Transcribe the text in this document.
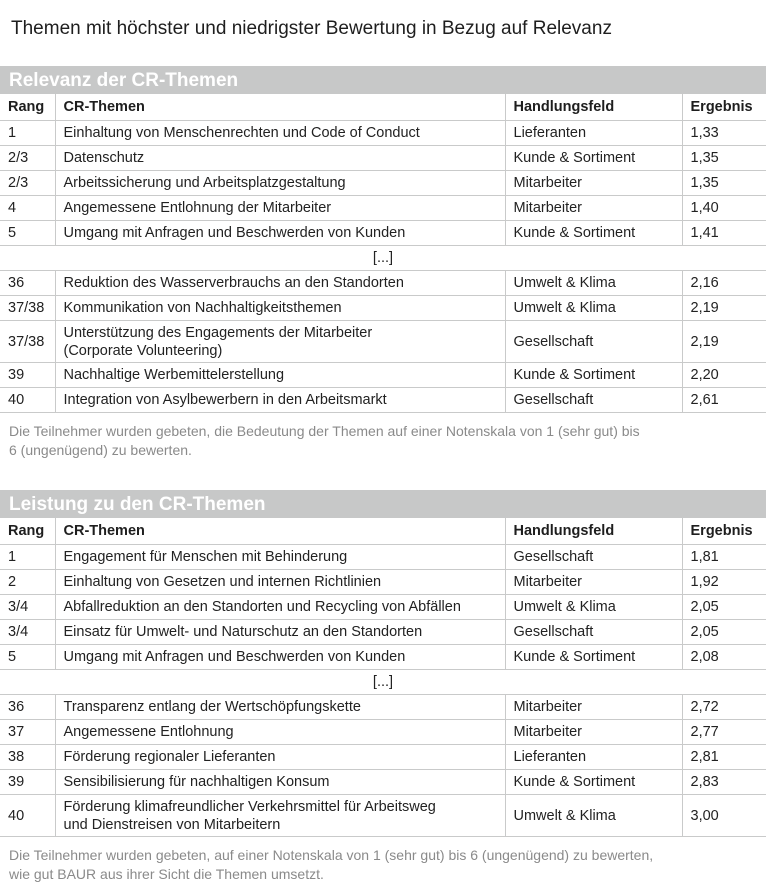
Themen mit höchster und niedrigster Bewertung in Bezug auf Relevanz
Relevanz der CR-Themen
Rang	CR-Themen	Handlungsfeld	Ergebnis
1	Einhaltung von Menschenrechten und Code of Conduct	Lieferanten	1,33
2/3	Datenschutz	Kunde & Sortiment	1,35
2/3	Arbeitssicherung und Arbeitsplatzgestaltung	Mitarbeiter	1,35
4	Angemessene Entlohnung der Mitarbeiter	Mitarbeiter	1,40
5	Umgang mit Anfragen und Beschwerden von Kunden	Kunde & Sortiment	1,41
[...]			
36	Reduktion des Wasserverbrauchs an den Standorten	Umwelt & Klima	2,16
37/38	Kommunikation von Nachhaltigkeitsthemen	Umwelt & Klima	2,19
37/38	Unterstützung des Engagements der Mitarbeiter
(Corporate Volunteering)	Gesellschaft	2,19
39	Nachhaltige Werbemittelerstellung	Kunde & Sortiment	2,20
40	Integration von Asylbewerbern in den Arbeitsmarkt	Gesellschaft	2,61

Die Teilnehmer wurden gebeten, die Bedeutung der Themen auf einer Notenskala von 1 (sehr gut) bis
6 (ungenügend) zu bewerten.

Leistung zu den CR-Themen
Rang	CR-Themen	Handlungsfeld	Ergebnis
1	Engagement für Menschen mit Behinderung	Gesellschaft	1,81
2	Einhaltung von Gesetzen und internen Richtlinien	Mitarbeiter	1,92
3/4	Abfallreduktion an den Standorten und Recycling von Abfällen	Umwelt & Klima	2,05
3/4	Einsatz für Umwelt- und Naturschutz an den Standorten	Gesellschaft	2,05
5	Umgang mit Anfragen und Beschwerden von Kunden	Kunde & Sortiment	2,08
[...]			
36	Transparenz entlang der Wertschöpfungskette	Mitarbeiter	2,72
37	Angemessene Entlohnung	Mitarbeiter	2,77
38	Förderung regionaler Lieferanten	Lieferanten	2,81
39	Sensibilisierung für nachhaltigen Konsum	Kunde & Sortiment	2,83
40	Förderung klimafreundlicher Verkehrsmittel für Arbeitsweg
und Dienstreisen von Mitarbeitern	Umwelt & Klima	3,00

Die Teilnehmer wurden gebeten, auf einer Notenskala von 1 (sehr gut) bis 6 (ungenügend) zu bewerten,
wie gut BAUR aus ihrer Sicht die Themen umsetzt.
